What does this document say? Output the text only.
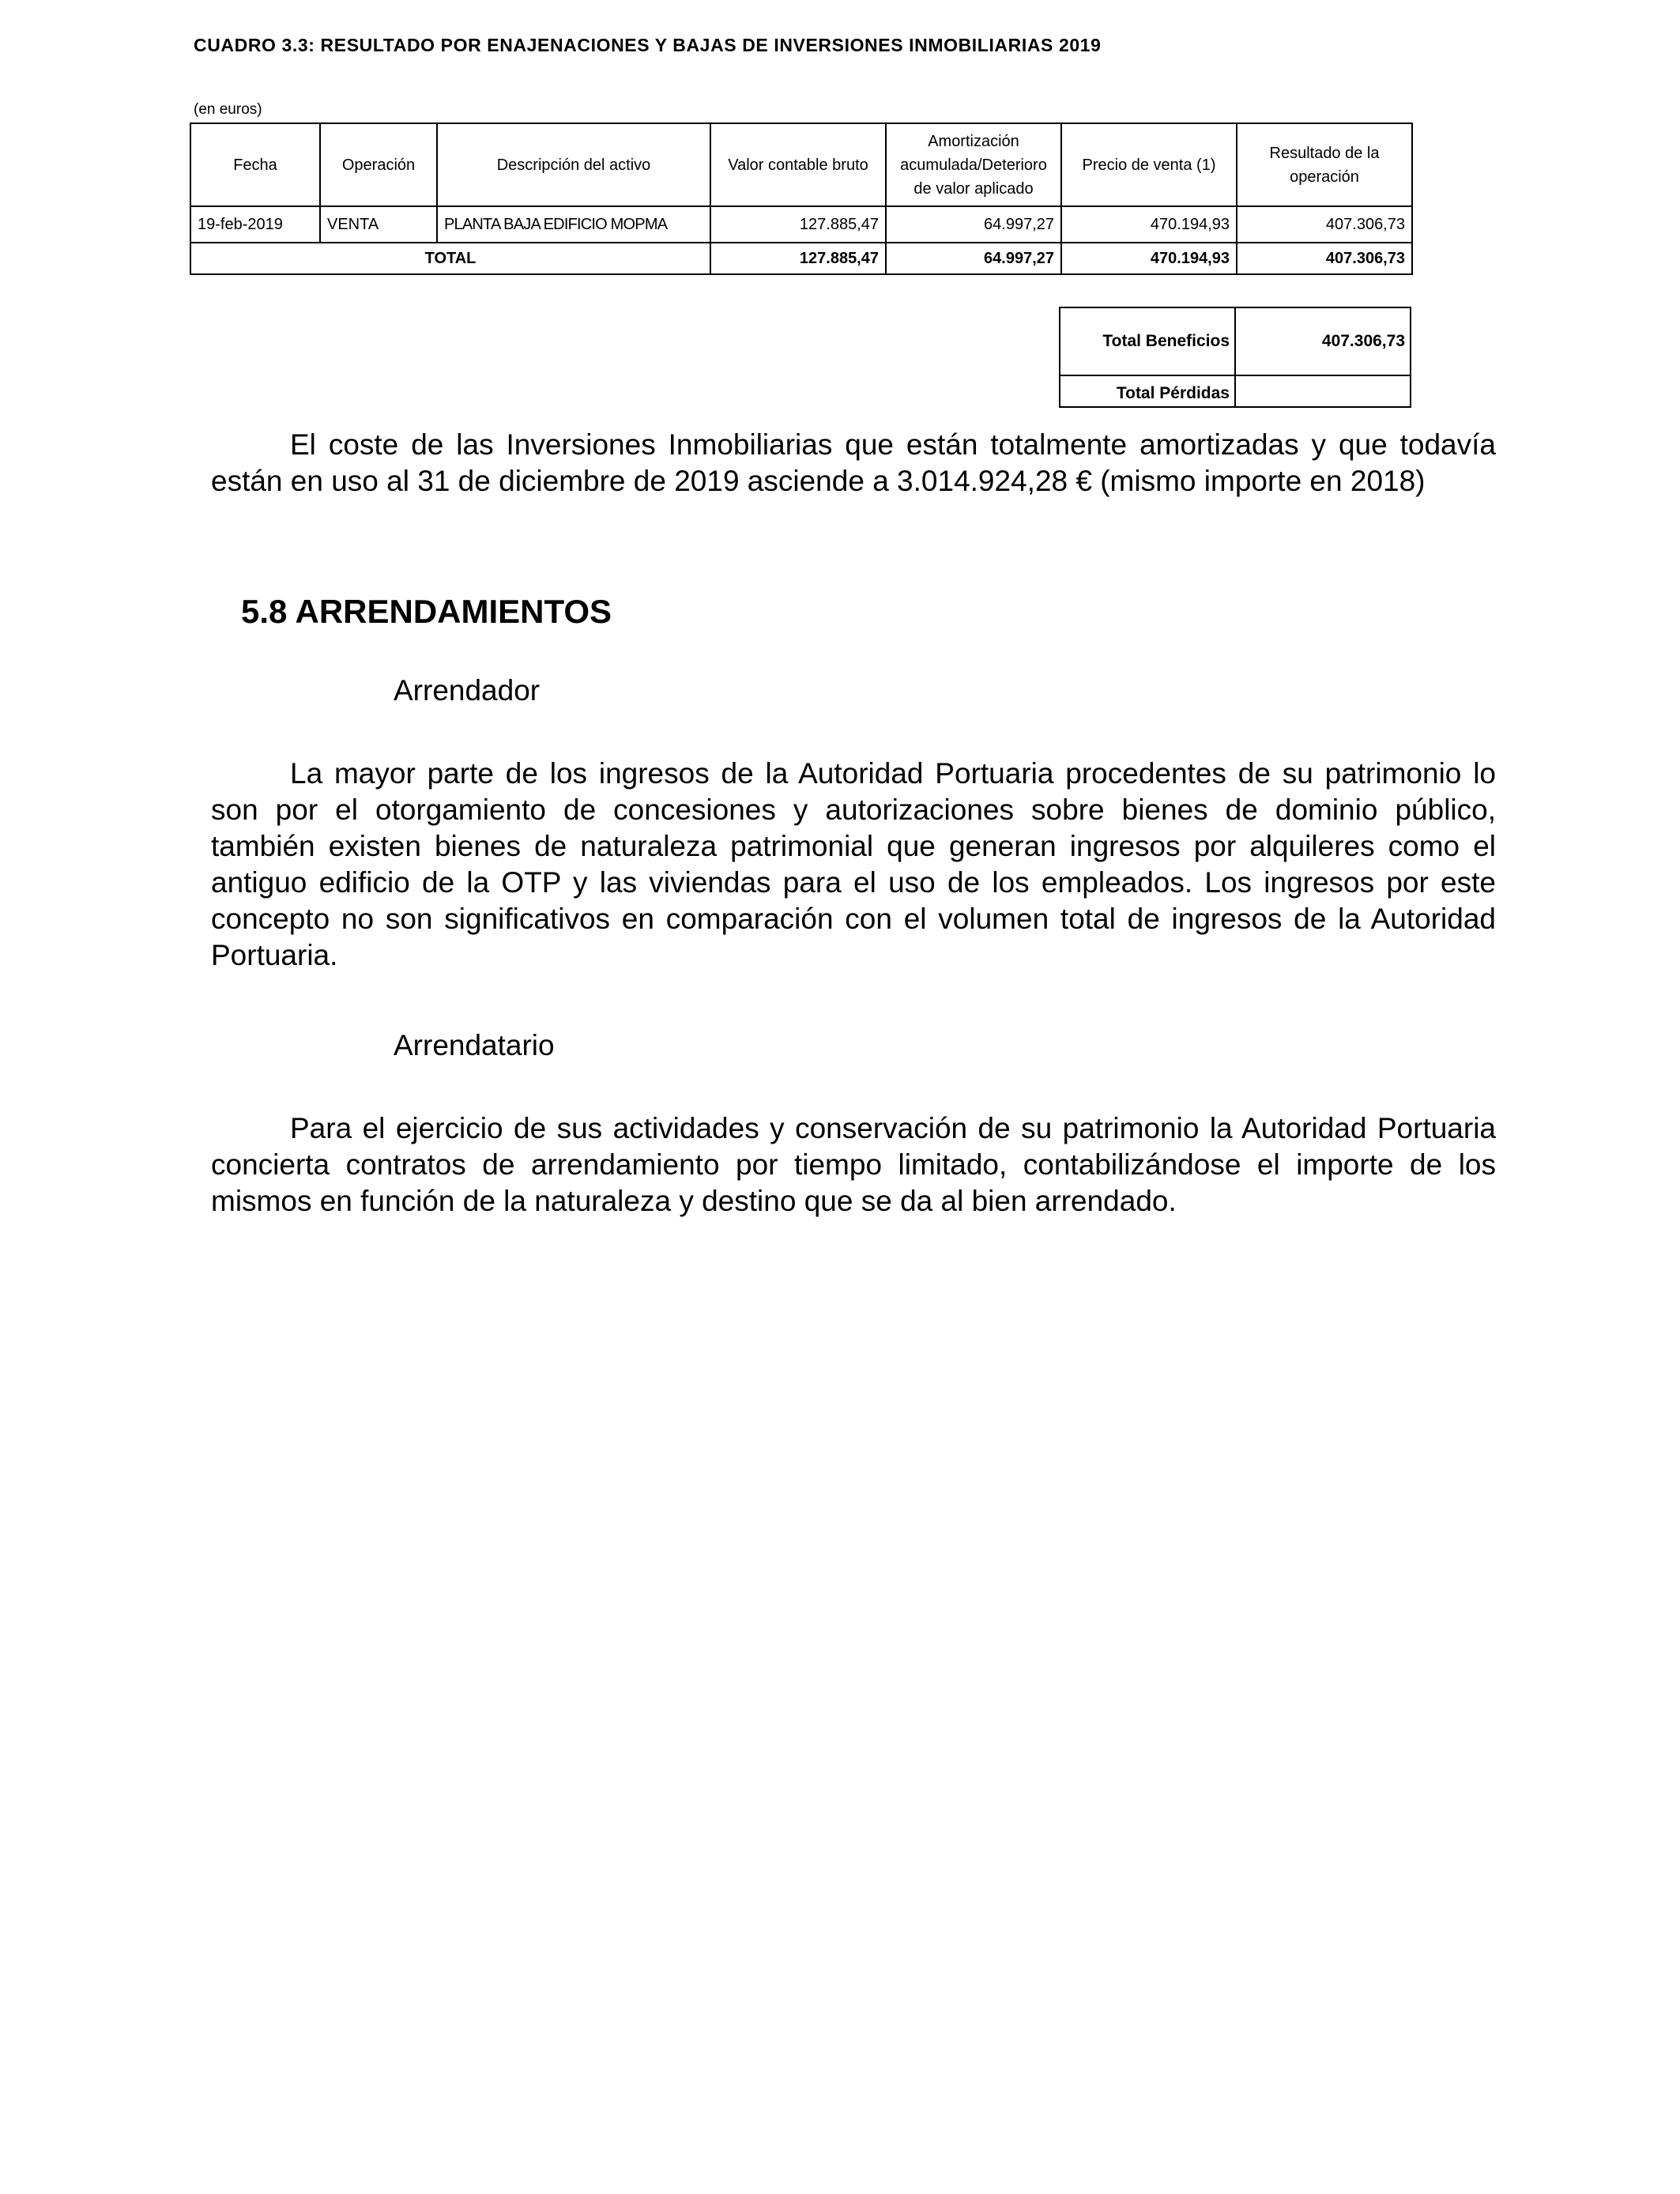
CUADRO 3.3: RESULTADO POR ENAJENACIONES Y BAJAS DE INVERSIONES INMOBILIARIAS 2019
(en euros)
Fecha	Operación	Descripción del activo	Valor contable bruto	Amortización acumulada/Deterioro de valor aplicado	Precio de venta (1)	Resultado de la operación
19-feb-2019	VENTA	PLANTA BAJA EDIFICIO MOPMA	127.885,47	64.997,27	470.194,93	407.306,73
TOTAL			127.885,47	64.997,27	470.194,93	407.306,73
Total Beneficios	407.306,73
Total Pérdidas	

El coste de las Inversiones Inmobiliarias que están totalmente amortizadas y que todavía están en uso al 31 de diciembre de 2019 asciende a 3.014.924,28 € (mismo importe en 2018)

5.8 ARRENDAMIENTOS
Arrendador

La mayor parte de los ingresos de la Autoridad Portuaria procedentes de su patrimonio lo son por el otorgamiento de concesiones y autorizaciones sobre bienes de dominio público, también existen bienes de naturaleza patrimonial que generan ingresos por alquileres como el antiguo edificio de la OTP y las viviendas para el uso de los empleados. Los ingresos por este concepto no son significativos en comparación con el volumen total de ingresos de la Autoridad Portuaria.

Arrendatario

Para el ejercicio de sus actividades y conservación de su patrimonio la Autoridad Portuaria concierta contratos de arrendamiento por tiempo limitado, contabilizándose el importe de los mismos en función de la naturaleza y destino que se da al bien arrendado.
